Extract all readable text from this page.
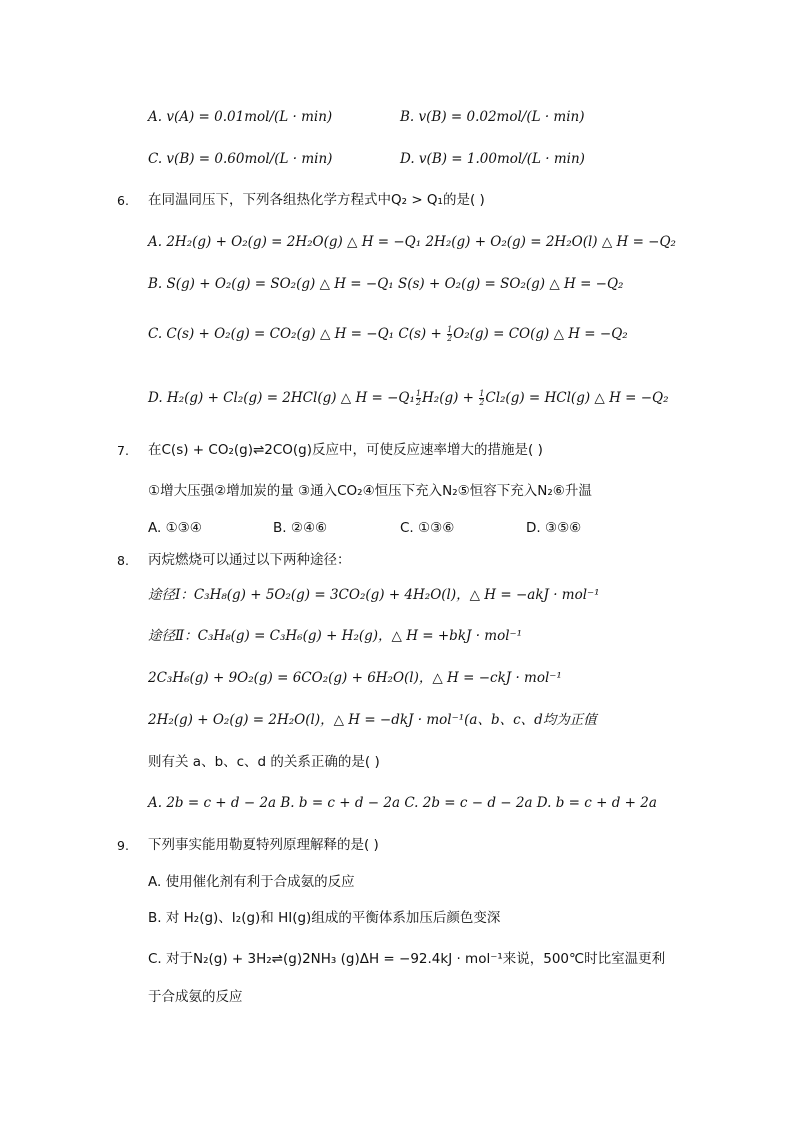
A. v(A) = 0.01mol/(L · min)	B. v(B) = 0.02mol/(L · min)
C. v(B) = 0.60mol/(L · min)	D. v(B) = 1.00mol/(L · min)
6. 在同温同压下，下列各组热化学方程式中Q₂ > Q₁的是( )
A. 2H₂(g) + O₂(g) = 2H₂O(g) △ H = −Q₁ 2H₂(g) + O₂(g) = 2H₂O(l) △ H = −Q₂
B. S(g) + O₂(g) = SO₂(g) △ H = −Q₁ S(s) + O₂(g) = SO₂(g) △ H = −Q₂
C. C(s) + O₂(g) = CO₂(g) △ H = −Q₁ $C(s) + \frac{1}{2} O_2(g) = CO(g)$ △ H = −Q₂
D. H₂(g) + Cl₂(g) = 2HCl(g) △ $H = -Q_1 \frac{1}{2} H_2(g) + \frac{1}{2} Cl_2(g) = HCl(g)$ △ H = −Q₂
7. 在C(s) + CO₂(g)⇌2CO(g)反应中，可使反应速率增大的措施是( )
①增大压强②增加炭的量 ③通入CO₂④恒压下充入N₂⑤恒容下充入N₂⑥升温
A. ①③④	B. ②④⑥	C. ①③⑥	D. ③⑤⑥
8. 丙烷燃烧可以通过以下两种途径：
途径Ⅰ：C₃H₈(g) + 5O₂(g) = 3CO₂(g) + 4H₂O(l)，△ H = −akJ · mol⁻¹
途径Ⅱ：C₃H₈(g) = C₃H₆(g) + H₂(g)，△ H = +bkJ · mol⁻¹
2C₃H₆(g) + 9O₂(g) = 6CO₂(g) + 6H₂O(l)，△ H = −ckJ · mol⁻¹
2H₂(g) + O₂(g) = 2H₂O(l)，△ H = −dkJ · mol⁻¹(a、b、c、d均为正值
则有关 a、b、c、d 的关系正确的是( )
A. 2b = c + d − 2a B. b = c + d − 2a C. 2b = c − d − 2a D. b = c + d + 2a
9. 下列事实能用勒夏特列原理解释的是( )
A. 使用催化剂有利于合成氨的反应
B. 对 H₂(g)、I₂(g)和 HI(g)组成的平衡体系加压后颜色变深
C. 对于N₂(g) + 3H₂⇌(g)2NH₃ (g)ΔH = −92.4kJ · mol⁻¹来说，500℃时比室温更利
于合成氨的反应
